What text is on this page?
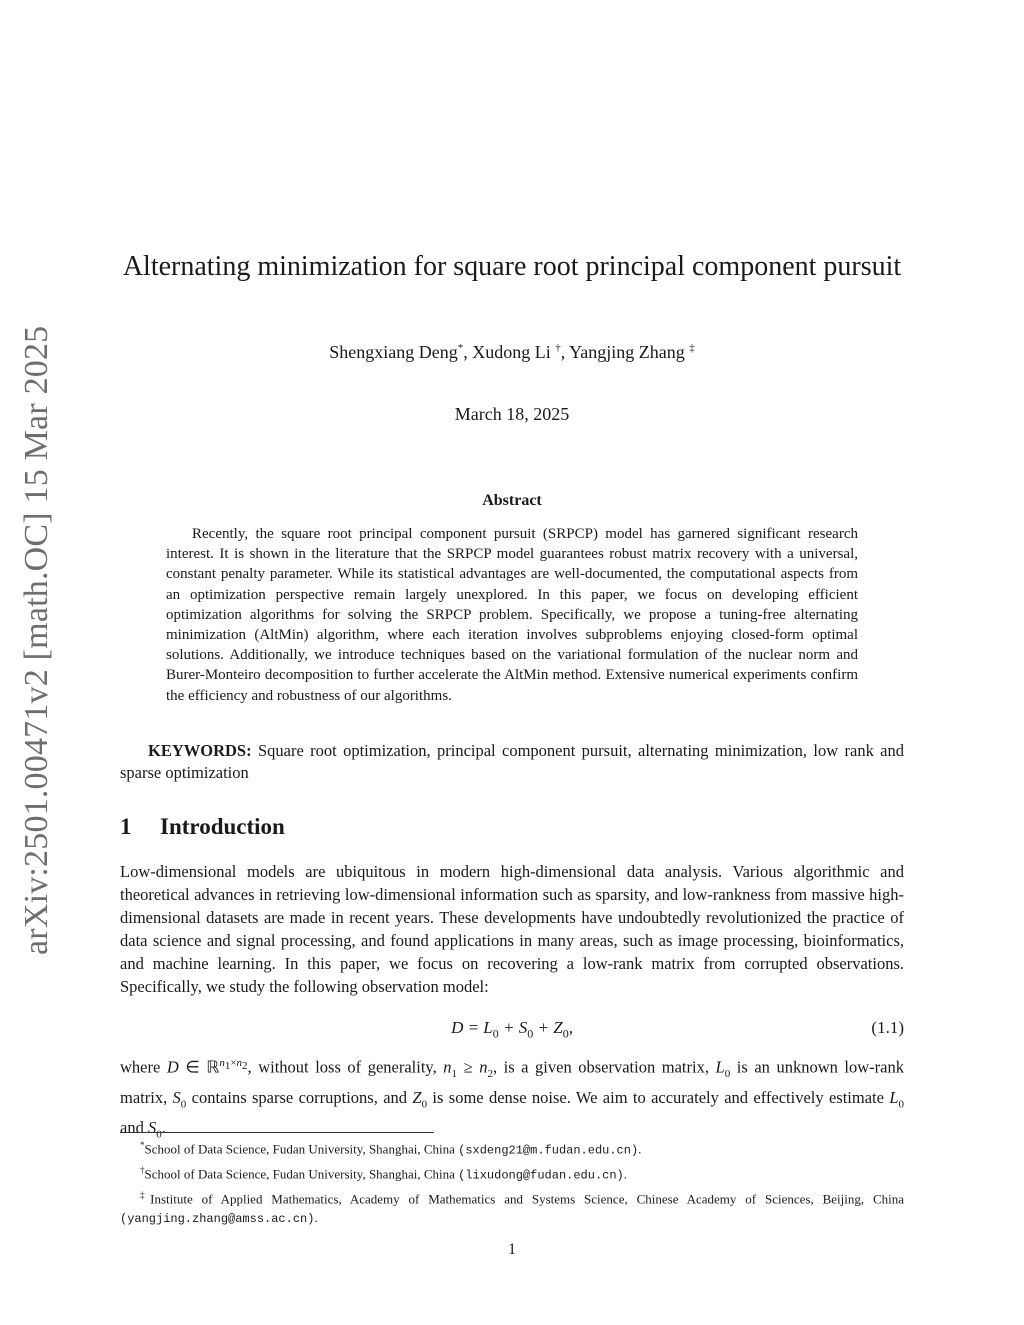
arXiv:2501.00471v2 [math.OC] 15 Mar 2025
Alternating minimization for square root principal component pursuit
Shengxiang Deng*, Xudong Li †, Yangjing Zhang ‡
March 18, 2025
Abstract

Recently, the square root principal component pursuit (SRPCP) model has garnered significant research interest. It is shown in the literature that the SRPCP model guarantees robust matrix recovery with a universal, constant penalty parameter. While its statistical advantages are well-documented, the computational aspects from an optimization perspective remain largely unexplored. In this paper, we focus on developing efficient optimization algorithms for solving the SRPCP problem. Specifically, we propose a tuning-free alternating minimization (AltMin) algorithm, where each iteration involves subproblems enjoying closed-form optimal solutions. Additionally, we introduce techniques based on the variational formulation of the nuclear norm and Burer-Monteiro decomposition to further accelerate the AltMin method. Extensive numerical experiments confirm the efficiency and robustness of our algorithms.

KEYWORDS: Square root optimization, principal component pursuit, alternating minimization, low rank and sparse optimization

1 Introduction

Low-dimensional models are ubiquitous in modern high-dimensional data analysis. Various algorithmic and theoretical advances in retrieving low-dimensional information such as sparsity, and low-rankness from massive high-dimensional datasets are made in recent years. These developments have undoubtedly revolutionized the practice of data science and signal processing, and found applications in many areas, such as image processing, bioinformatics, and machine learning. In this paper, we focus on recovering a low-rank matrix from corrupted observations. Specifically, we study the following observation model:

$D = L_0 + S_0 + Z_0$,	(1.1)

where D ∈ ℝ$^{n_1\times n_2}$, without loss of generality, $n_1 \ge n_2$, is a given observation matrix, $L_0$ is an unknown low-rank matrix, $S_0$ contains sparse corruptions, and $Z_0$ is some dense noise. We aim to accurately and effectively estimate $L_0$ and $S_0$.

*School of Data Science, Fudan University, Shanghai, China (sxdeng21@m.fudan.edu.cn).

†School of Data Science, Fudan University, Shanghai, China (lixudong@fudan.edu.cn).

‡Institute of Applied Mathematics, Academy of Mathematics and Systems Science, Chinese Academy of Sciences, Beijing, China (yangjing.zhang@amss.ac.cn).

1
